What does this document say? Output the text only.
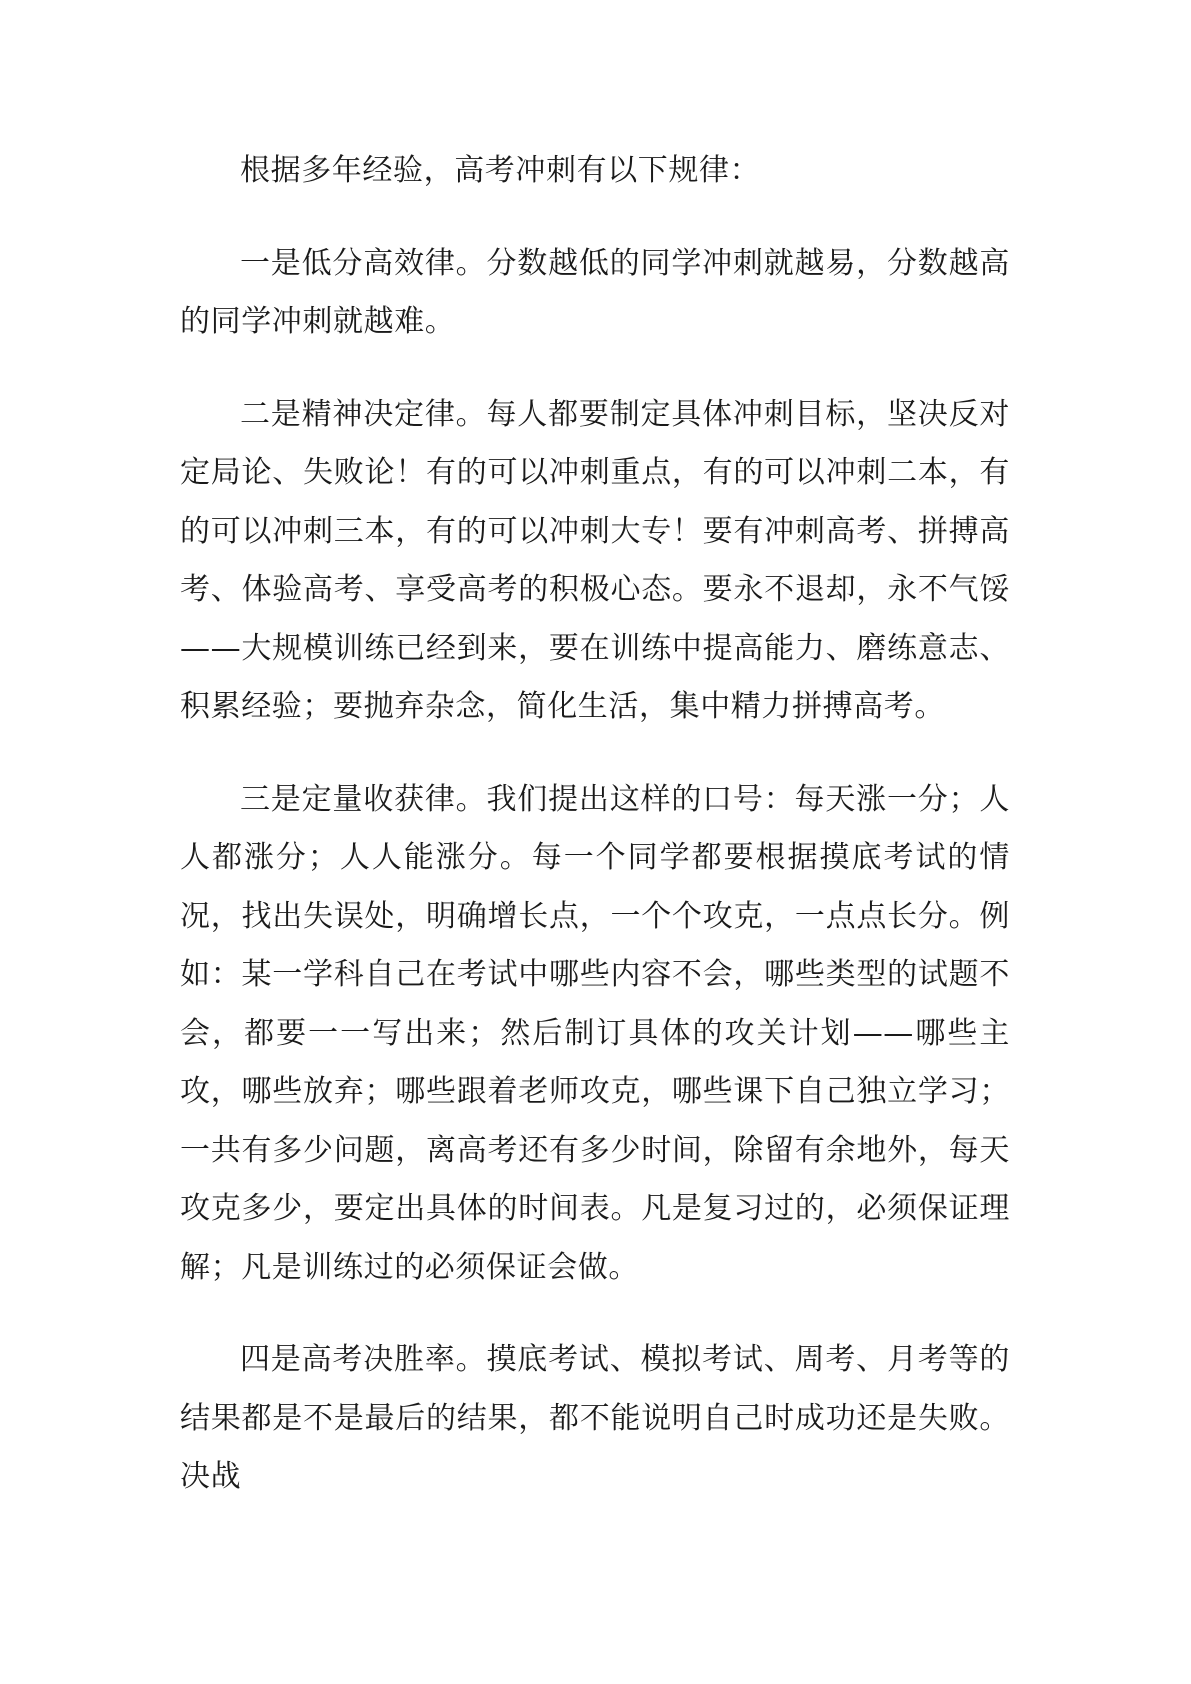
根据多年经验，高考冲刺有以下规律：

一是低分高效律。分数越低的同学冲刺就越易，分数越高的同学冲刺就越难。

二是精神决定律。每人都要制定具体冲刺目标，坚决反对定局论、失败论！有的可以冲刺重点，有的可以冲刺二本，有的可以冲刺三本，有的可以冲刺大专！要有冲刺高考、拼搏高考、体验高考、享受高考的积极心态。要永不退却，永不气馁——大规模训练已经到来，要在训练中提高能力、磨练意志、积累经验；要抛弃杂念，简化生活，集中精力拼搏高考。

三是定量收获律。我们提出这样的口号：每天涨一分；人人都涨分；人人能涨分。每一个同学都要根据摸底考试的情况，找出失误处，明确增长点，一个个攻克，一点点长分。例如：某一学科自己在考试中哪些内容不会，哪些类型的试题不会，都要一一写出来；然后制订具体的攻关计划——哪些主攻，哪些放弃；哪些跟着老师攻克，哪些课下自己独立学习；一共有多少问题，离高考还有多少时间，除留有余地外，每天攻克多少，要定出具体的时间表。凡是复习过的，必须保证理解；凡是训练过的必须保证会做。

四是高考决胜率。摸底考试、模拟考试、周考、月考等的结果都是不是最后的结果，都不能说明自己时成功还是失败。决战
